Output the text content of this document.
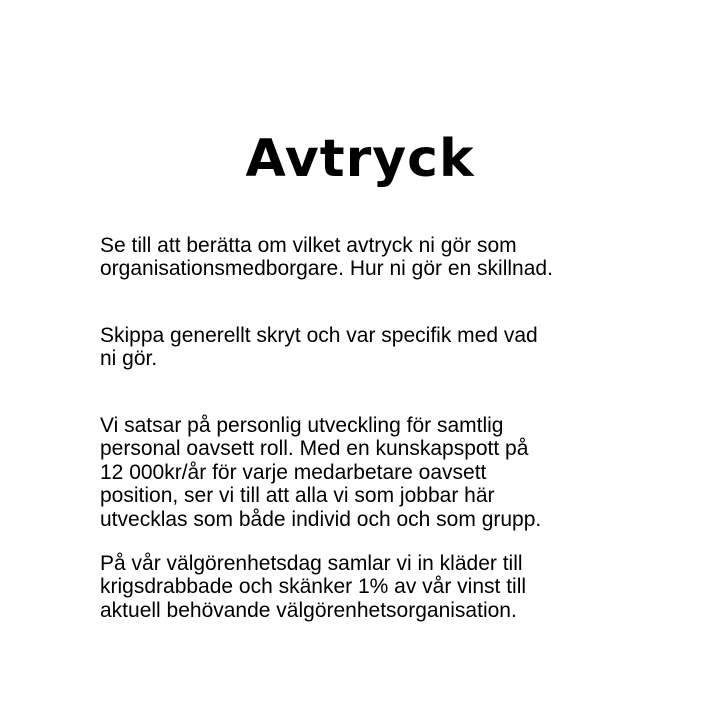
Avtryck
Se till att berätta om vilket avtryck ni gör som
organisationsmedborgare. Hur ni gör en skillnad.
Skippa generellt skryt och var specifik med vad
ni gör.
Vi satsar på personlig utveckling för samtlig
personal oavsett roll. Med en kunskapspott på
12 000kr/år för varje medarbetare oavsett
position, ser vi till att alla vi som jobbar här
utvecklas som både individ och och som grupp.
På vår välgörenhetsdag samlar vi in kläder till
krigsdrabbade och skänker 1% av vår vinst till
aktuell behövande välgörenhetsorganisation.
